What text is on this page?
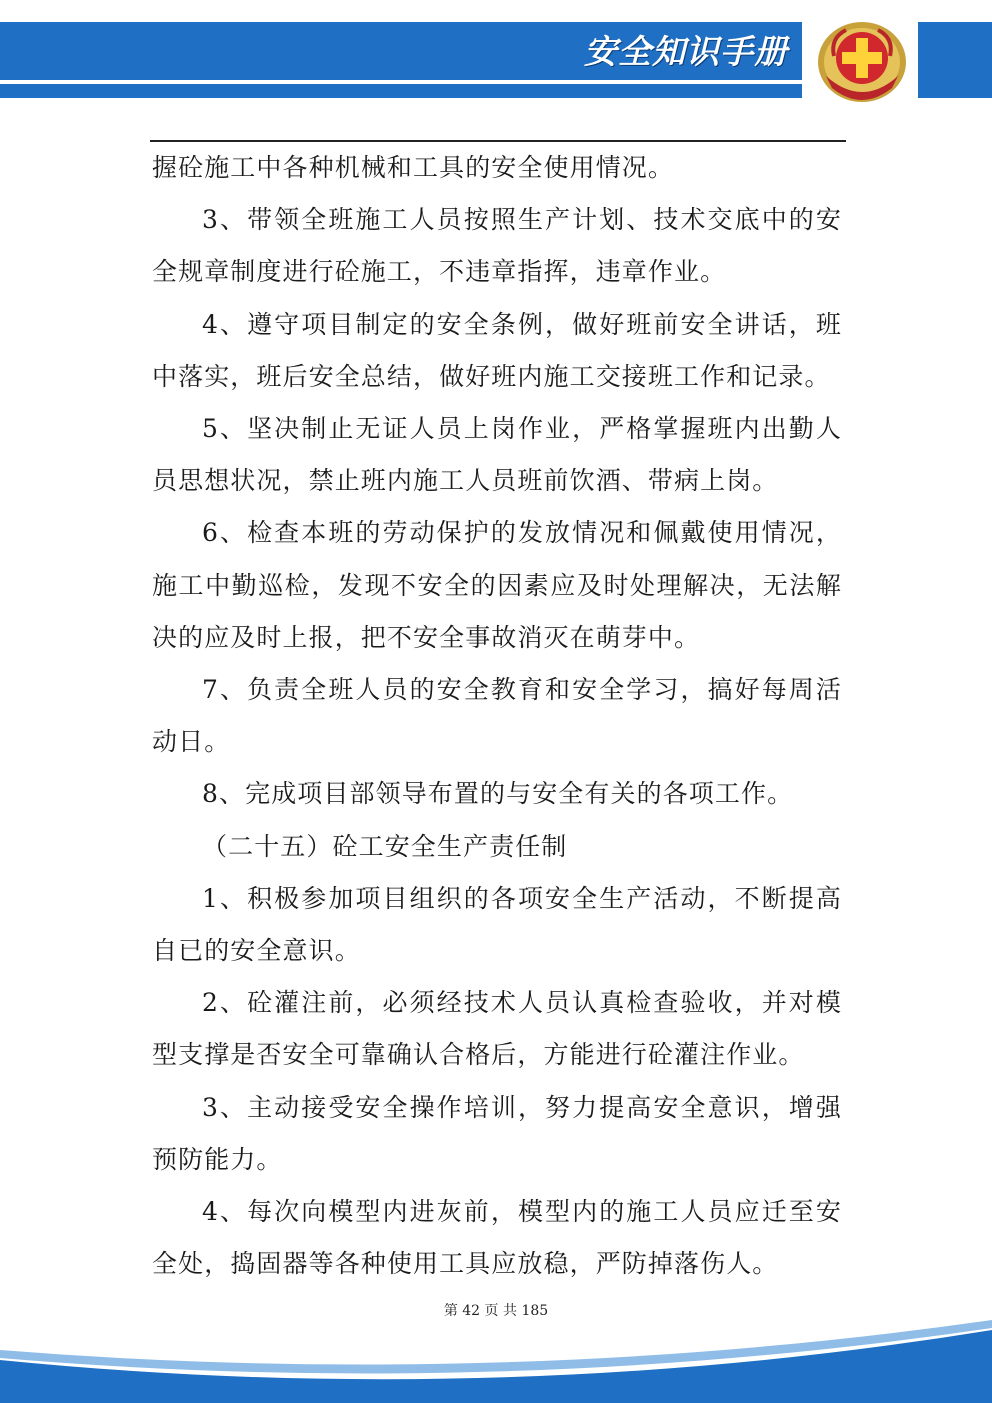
安全知识手册

握砼施工中各种机械和工具的安全使用情况。

3、带领全班施工人员按照生产计划、技术交底中的安全规章制度进行砼施工，不违章指挥，违章作业。

4、遵守项目制定的安全条例，做好班前安全讲话，班中落实，班后安全总结，做好班内施工交接班工作和记录。

5、坚决制止无证人员上岗作业，严格掌握班内出勤人员思想状况，禁止班内施工人员班前饮酒、带病上岗。

6、检查本班的劳动保护的发放情况和佩戴使用情况，施工中勤巡检，发现不安全的因素应及时处理解决，无法解决的应及时上报，把不安全事故消灭在萌芽中。

7、负责全班人员的安全教育和安全学习，搞好每周活动日。

8、完成项目部领导布置的与安全有关的各项工作。

（二十五）砼工安全生产责任制

1、积极参加项目组织的各项安全生产活动，不断提高自已的安全意识。

2、砼灌注前，必须经技术人员认真检查验收，并对模型支撑是否安全可靠确认合格后，方能进行砼灌注作业。

3、主动接受安全操作培训，努力提高安全意识，增强预防能力。

4、每次向模型内进灰前，模型内的施工人员应迁至安全处，捣固器等各种使用工具应放稳，严防掉落伤人。

第 42 页 共 185
